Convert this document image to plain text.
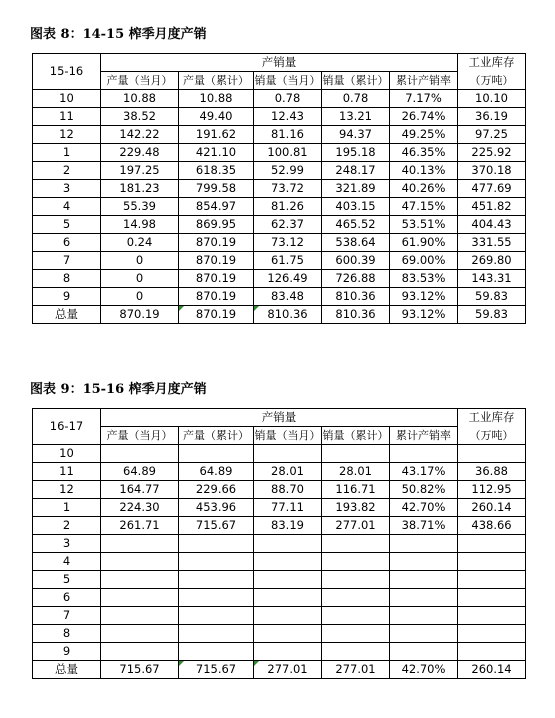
图表 8：14-15 榨季月度产销
15-16	产销量					工业库存
	产量（当月）	产量（累计）	销量（当月）	销量（累计）	累计产销率	（万吨）
10	10.88	10.88	0.78	0.78	7.17%	10.10
11	38.52	49.40	12.43	13.21	26.74%	36.19
12	142.22	191.62	81.16	94.37	49.25%	97.25
1	229.48	421.10	100.81	195.18	46.35%	225.92
2	197.25	618.35	52.99	248.17	40.13%	370.18
3	181.23	799.58	73.72	321.89	40.26%	477.69
4	55.39	854.97	81.26	403.15	47.15%	451.82
5	14.98	869.95	62.37	465.52	53.51%	404.43
6	0.24	870.19	73.12	538.64	61.90%	331.55
7	0	870.19	61.75	600.39	69.00%	269.80
8	0	870.19	126.49	726.88	83.53%	143.31
9	0	870.19	83.48	810.36	93.12%	59.83
总量	870.19	870.19	810.36	810.36	93.12%	59.83
图表 9：15-16 榨季月度产销
16-17	产销量					工业库存
	产量（当月）	产量（累计）	销量（当月）	销量（累计）	累计产销率	（万吨）
10						
11	64.89	64.89	28.01	28.01	43.17%	36.88
12	164.77	229.66	88.70	116.71	50.82%	112.95
1	224.30	453.96	77.11	193.82	42.70%	260.14
2	261.71	715.67	83.19	277.01	38.71%	438.66
3						
4						
5						
6						
7						
8						
9						
总量	715.67	715.67	277.01	277.01	42.70%	260.14
